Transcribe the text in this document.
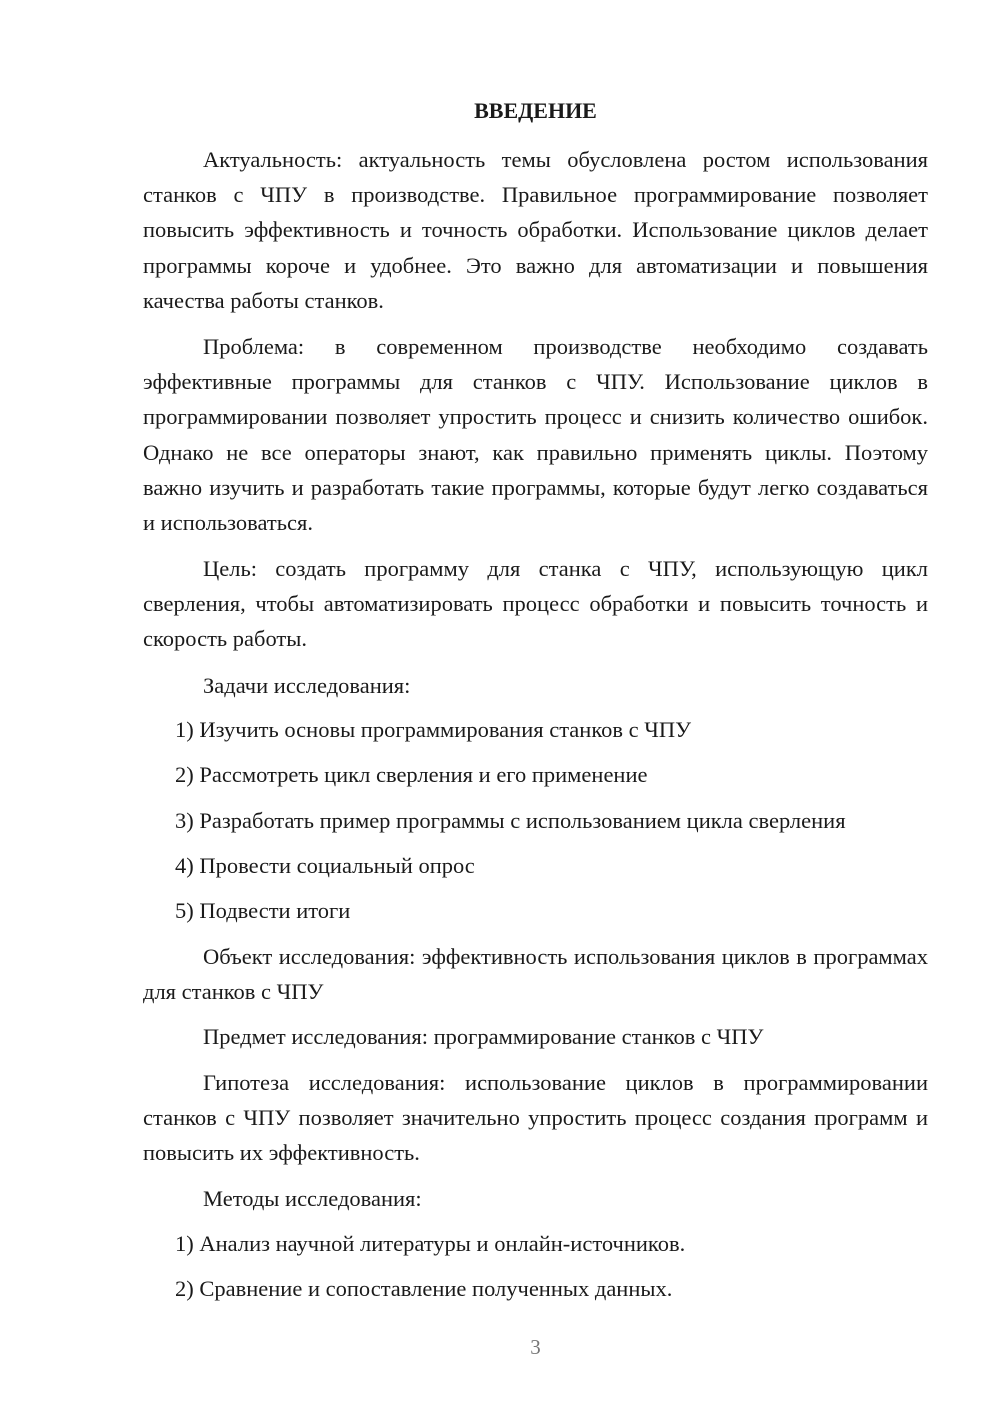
ВВЕДЕНИЕ

Актуальность: актуальность темы обусловлена ростом использования станков с ЧПУ в производстве. Правильное программирование позволяет повысить эффективность и точность обработки. Использование циклов делает программы короче и удобнее. Это важно для автоматизации и повышения качества работы станков.

Проблема: в современном производстве необходимо создавать эффективные программы для станков с ЧПУ. Использование циклов в программировании позволяет упростить процесс и снизить количество ошибок. Однако не все операторы знают, как правильно применять циклы. Поэтому важно изучить и разработать такие программы, которые будут легко создаваться и использоваться.

Цель: создать программу для станка с ЧПУ, использующую цикл сверления, чтобы автоматизировать процесс обработки и повысить точность и скорость работы.

Задачи исследования:

1) Изучить основы программирования станков с ЧПУ

2) Рассмотреть цикл сверления и его применение

3) Разработать пример программы с использованием цикла сверления

4) Провести социальный опрос

5) Подвести итоги

Объект исследования: эффективность использования циклов в программах для станков с ЧПУ

Предмет исследования: программирование станков с ЧПУ

Гипотеза исследования: использование циклов в программировании станков с ЧПУ позволяет значительно упростить процесс создания программ и повысить их эффективность.

Методы исследования:

1) Анализ научной литературы и онлайн-источников.

2) Сравнение и сопоставление полученных данных.

3
